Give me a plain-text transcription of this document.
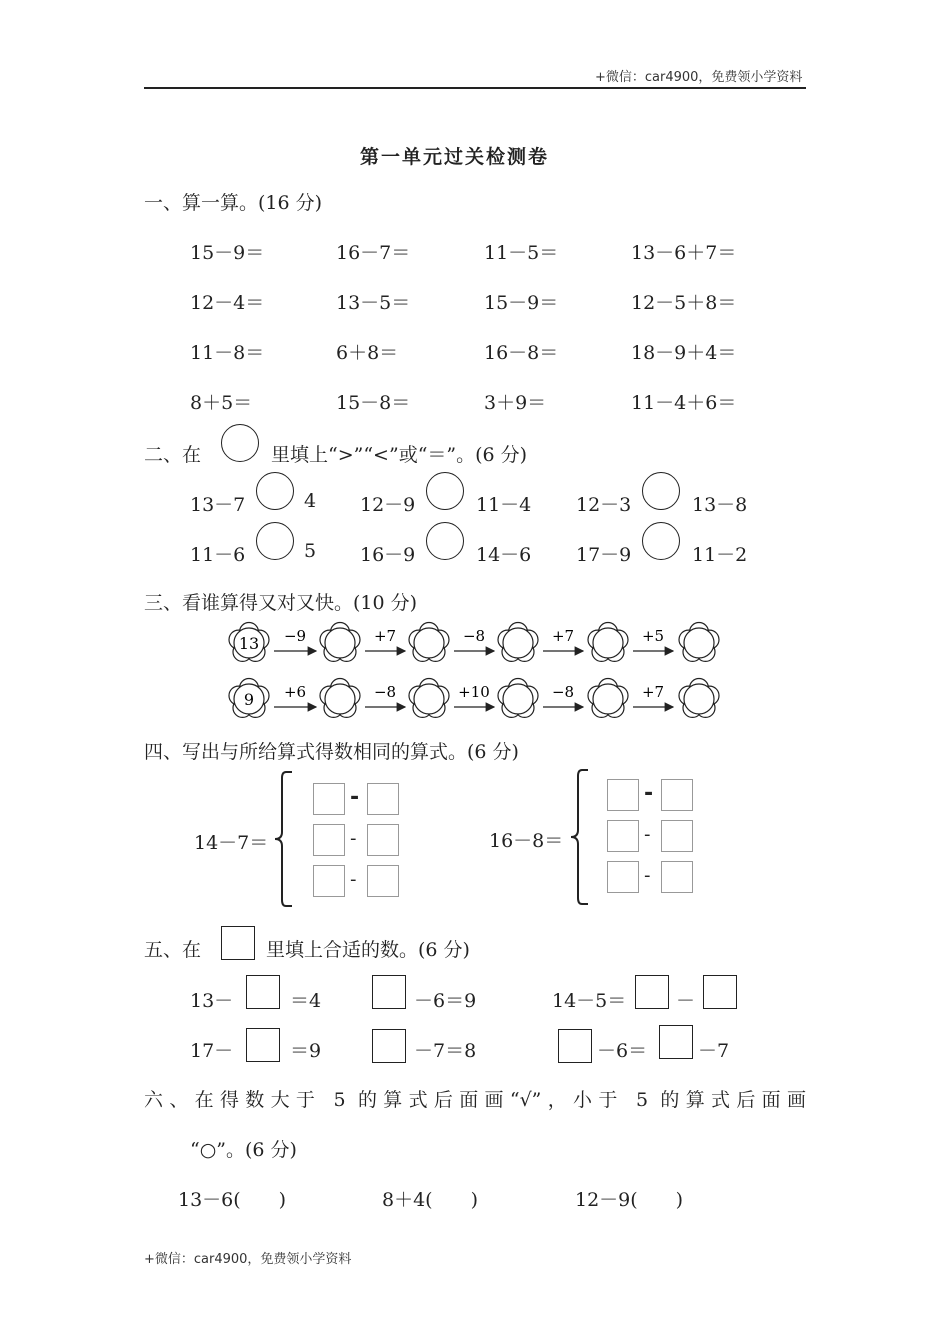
+微信：car4900，免费领小学资料
第一单元过关检测卷
一、算一算。(16 分)
15－9＝	16－7＝	11－5＝	13－6＋7＝
12－4＝	13－5＝	15－9＝	12－5＋8＝
11－8＝	6＋8＝	16－8＝	18－9＋4＝
8＋5＝	15－8＝	3＋9＝	11－4＋6＝
二、在	里填上“>”“<”或“＝”。(6 分)
13－7	4 12－9	11－4 12－3	13－8
11－6	5 16－9	14－6 17－9	11－2
三、看谁算得又对又快。(10 分)
13 −9	+7	−8	+7	+5
9 +6	−8	+10	−8	+7
四、写出与所给算式得数相同的算式。(6 分)
14－7＝
-
-
-
16－8＝
-
-
-
五、在	里填上合适的数。(6 分)
13－	＝4	－6＝9	14－5＝	－
17－	＝9	－7＝8	－6＝	－7
六、在得数大于 5 的算式后面画“√”，小于 5 的算式后面画
“○”。(6 分)
13－6(　　)	8＋4(　　)	12－9(　　)
+微信：car4900，免费领小学资料
